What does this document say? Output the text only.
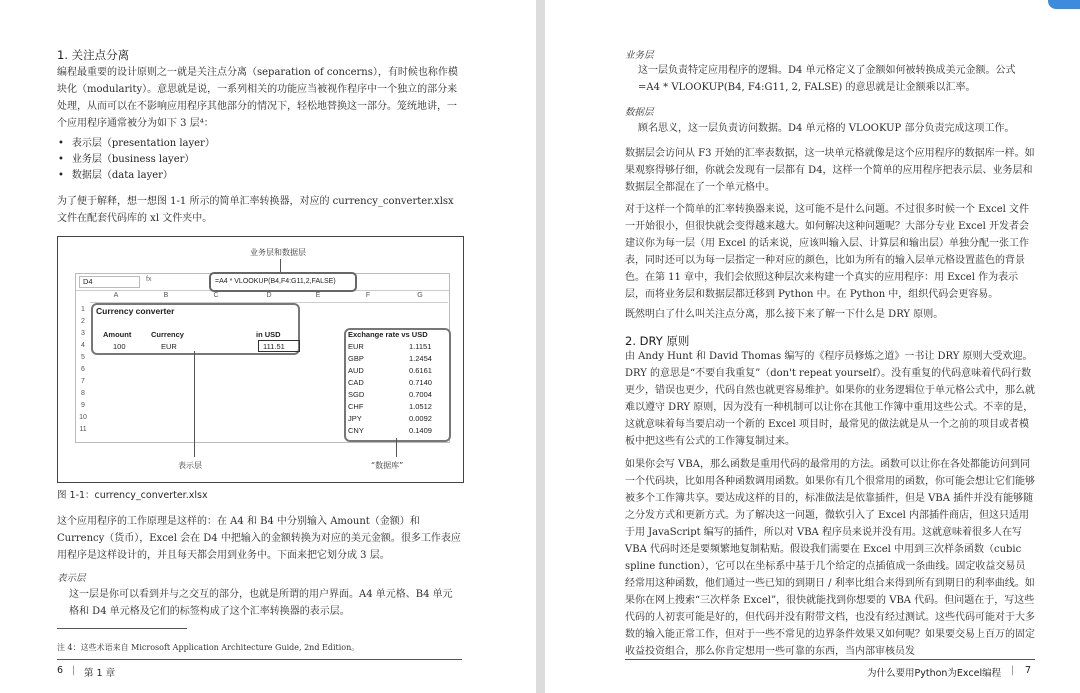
1. 关注点分离

编程最重要的设计原则之一就是关注点分离（separation of concerns），有时候也称作模块化（modularity）。意思就是说，一系列相关的功能应当被视作程序中一个独立的部分来处理，从而可以在不影响应用程序其他部分的情况下，轻松地替换这一部分。笼统地讲，一个应用程序通常被分为如下 3 层⁴：

• 表示层（presentation layer）
• 业务层（business layer）
• 数据层（data layer）

为了便于解释，想一想图 1-1 所示的简单汇率转换器，对应的 currency_converter.xlsx 文件在配套代码库的 xl 文件夹中。

业务层和数据层
D4	fx	=A4 * VLOOKUP(B4,F4:G11,2,FALSE)
A	B	C	D	E	F	G
1
2
3
4
5
6
7
8
9
10
11
Currency converter
Amount	Currency	in USD
100	EUR	111.51
Exchange rate vs USD
EUR	1.1151
GBP	1.2454
AUD	0.6161
CAD	0.7140
SGD	0.7004
CHF	1.0512
JPY	0.0092
CNY	0.1409
表示层	“数据库”

图 1-1：currency_converter.xlsx

这个应用程序的工作原理是这样的：在 A4 和 B4 中分别输入 Amount（金额）和 Currency（货币），Excel 会在 D4 中把输入的金额转换为对应的美元金额。很多工作表应用程序是这样设计的，并且每天都会用到业务中。下面来把它划分成 3 层。

表示层

这一层是你可以看到并与之交互的部分，也就是所谓的用户界面。A4 单元格、B4 单元格和 D4 单元格及它们的标签构成了这个汇率转换器的表示层。

注 4：这些术语来自 Microsoft Application Architecture Guide, 2nd Edition。

6 | 第 1 章

业务层

这一层负责特定应用程序的逻辑。D4 单元格定义了金额如何被转换成美元金额。公式 =A4 * VLOOKUP(B4, F4:G11, 2, FALSE) 的意思就是让金额乘以汇率。

数据层

顾名思义，这一层负责访问数据。D4 单元格的 VLOOKUP 部分负责完成这项工作。

数据层会访问从 F3 开始的汇率表数据，这一块单元格就像是这个应用程序的数据库一样。如果观察得够仔细，你就会发现有一层都有 D4，这样一个简单的应用程序把表示层、业务层和数据层全都混在了一个单元格中。

对于这样一个简单的汇率转换器来说，这可能不是什么问题。不过很多时候一个 Excel 文件一开始很小，但很快就会变得越来越大。如何解决这种问题呢？大部分专业 Excel 开发者会建议你为每一层（用 Excel 的话来说，应该叫输入层、计算层和输出层）单独分配一张工作表，同时还可以为每一层指定一种对应的颜色，比如为所有的输入层单元格设置蓝色的背景色。在第 11 章中，我们会依照这种层次来构建一个真实的应用程序：用 Excel 作为表示层，而将业务层和数据层都迁移到 Python 中。在 Python 中，组织代码会更容易。

既然明白了什么叫关注点分离，那么接下来了解一下什么是 DRY 原则。

2. DRY 原则

由 Andy Hunt 和 David Thomas 编写的《程序员修炼之道》一书让 DRY 原则大受欢迎。DRY 的意思是“不要自我重复”（don't repeat yourself）。没有重复的代码意味着代码行数更少，错误也更少，代码自然也就更容易维护。如果你的业务逻辑位于单元格公式中，那么就难以遵守 DRY 原则，因为没有一种机制可以让你在其他工作簿中重用这些公式。不幸的是，这就意味着每当要启动一个新的 Excel 项目时，最常见的做法就是从一个之前的项目或者模板中把这些有公式的工作簿复制过来。

如果你会写 VBA，那么函数是重用代码的最常用的方法。函数可以让你在各处都能访问到同一个代码块，比如用各种函数调用函数。如果你有几个很常用的函数，你可能会想让它们能够被多个工作簿共享。要达成这样的目的，标准做法是依靠插件，但是 VBA 插件并没有能够随之分发方式和更新方式。为了解决这一问题，微软引入了 Excel 内部插件商店，但这只适用于用 JavaScript 编写的插件，所以对 VBA 程序员来说并没有用。这就意味着很多人在写 VBA 代码时还是要频繁地复制粘贴。假设我们需要在 Excel 中用到三次样条函数（cubic spline function），它可以在坐标系中基于几个给定的点插值成一条曲线。固定收益交易员经常用这种函数，他们通过一些已知的到期日 / 利率比组合来得到所有到期日的利率曲线。如果你在网上搜索“三次样条 Excel”，很快就能找到你想要的 VBA 代码。但问题在于，写这些代码的人初衷可能是好的，但代码并没有附带文档，也没有经过测试。这些代码可能对于大多数的输入能正常工作，但对于一些不常见的边界条件效果又如何呢？如果要交易上百万的固定收益投资组合，那么你肯定想用一些可靠的东西，当内部审核员发

为什么要用Python为Excel编程 | 7
